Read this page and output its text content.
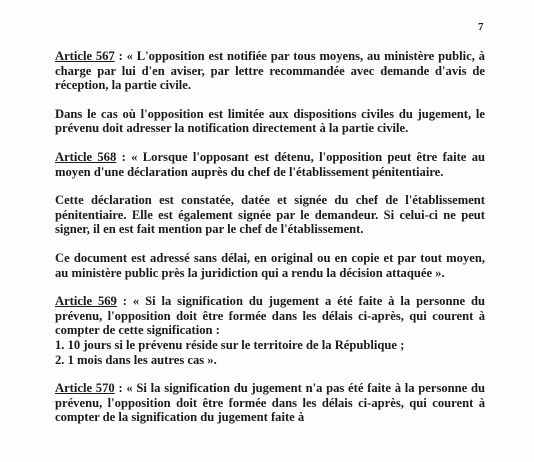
7

Article 567 : « L'opposition est notifiée par tous moyens, au ministère public, à charge par lui d'en aviser, par lettre recommandée avec demande d'avis de réception, la partie civile.

Dans le cas où l'opposition est limitée aux dispositions civiles du jugement, le prévenu doit adresser la notification directement à la partie civile.

Article 568 : « Lorsque l'opposant est détenu, l'opposition peut être faite au moyen d'une déclaration auprès du chef de l'établissement pénitentiaire.

Cette déclaration est constatée, datée et signée du chef de l'établissement pénitentiaire. Elle est également signée par le demandeur. Si celui-ci ne peut signer, il en est fait mention par le chef de l'établissement.

Ce document est adressé sans délai, en original ou en copie et par tout moyen, au ministère public près la juridiction qui a rendu la décision attaquée ».

Article 569 : « Si la signification du jugement a été faite à la personne du prévenu, l'opposition doit être formée dans les délais ci-après, qui courent à compter de cette signification :
1. 10 jours si le prévenu réside sur le territoire de la République ;
2. 1 mois dans les autres cas ».

Article 570 : « Si la signification du jugement n'a pas été faite à la personne du prévenu, l'opposition doit être formée dans les délais ci-après, qui courent à compter de la signification du jugement faite à
